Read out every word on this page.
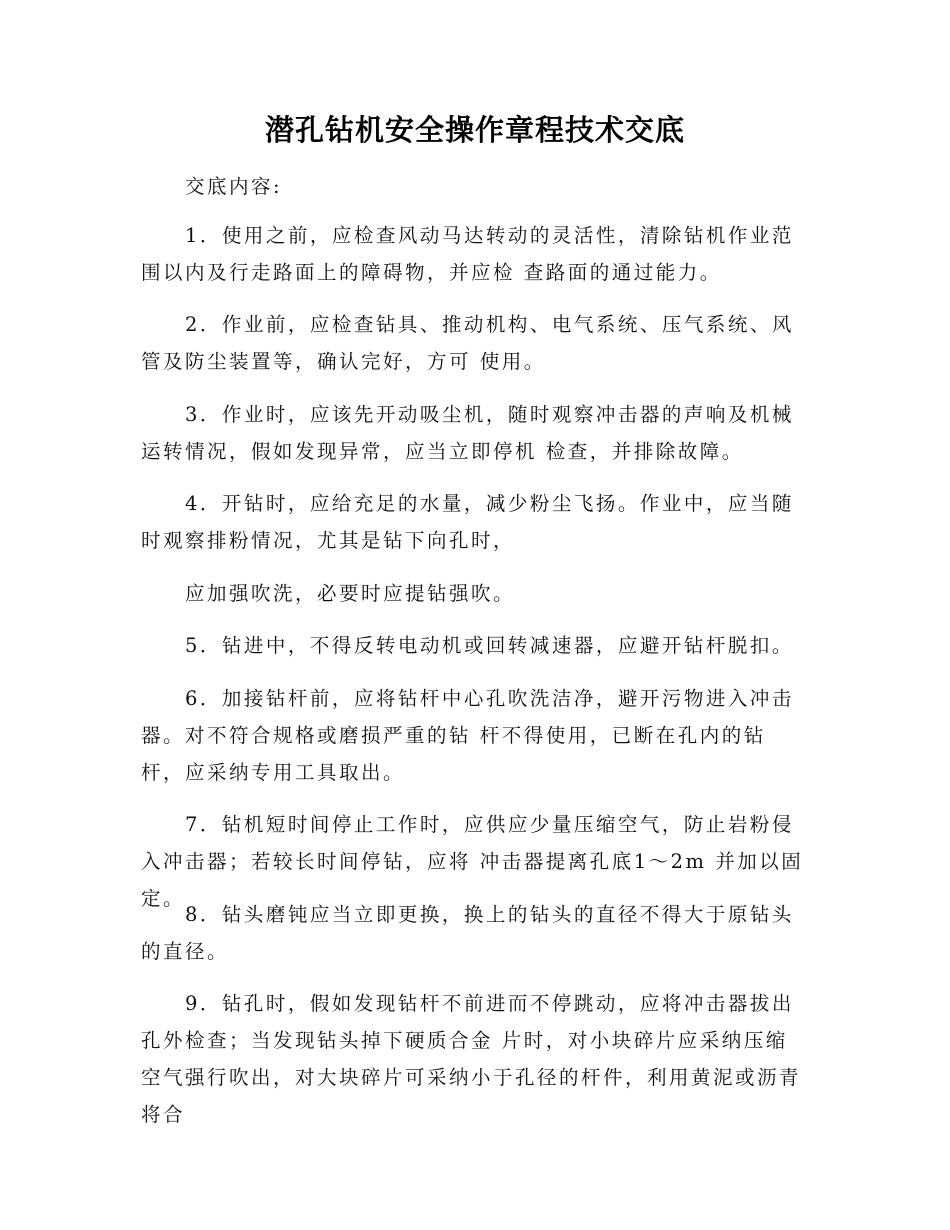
潜孔钻机安全操作章程技术交底

交底内容:

1．使用之前，应检查风动马达转动的灵活性，清除钻机作业范围以内及行走路面上的障碍物，并应检 查路面的通过能力。

2．作业前，应检查钻具、推动机构、电气系统、压气系统、风管及防尘装置等，确认完好，方可 使用。

3．作业时，应该先开动吸尘机，随时观察冲击器的声响及机械运转情况，假如发现异常，应当立即停机 检查，并排除故障。

4．开钻时，应给充足的水量，减少粉尘飞扬。作业中，应当随时观察排粉情况，尤其是钻下向孔时，

应加强吹洗，必要时应提钻强吹。

5．钻进中，不得反转电动机或回转减速器，应避开钻杆脱扣。

6．加接钻杆前，应将钻杆中心孔吹洗洁净，避开污物进入冲击器。对不符合规格或磨损严重的钻 杆不得使用，已断在孔内的钻杆，应采纳专用工具取出。

7．钻机短时间停止工作时，应供应少量压缩空气，防止岩粉侵入冲击器；若较长时间停钻，应将 冲击器提离孔底1～2m 并加以固定。

8．钻头磨钝应当立即更换，换上的钻头的直径不得大于原钻头的直径。

9．钻孔时，假如发现钻杆不前进而不停跳动，应将冲击器拔出孔外检查；当发现钻头掉下硬质合金 片时，对小块碎片应采纳压缩空气强行吹出，对大块碎片可采纳小于孔径的杆件，利用黄泥或沥青将合
